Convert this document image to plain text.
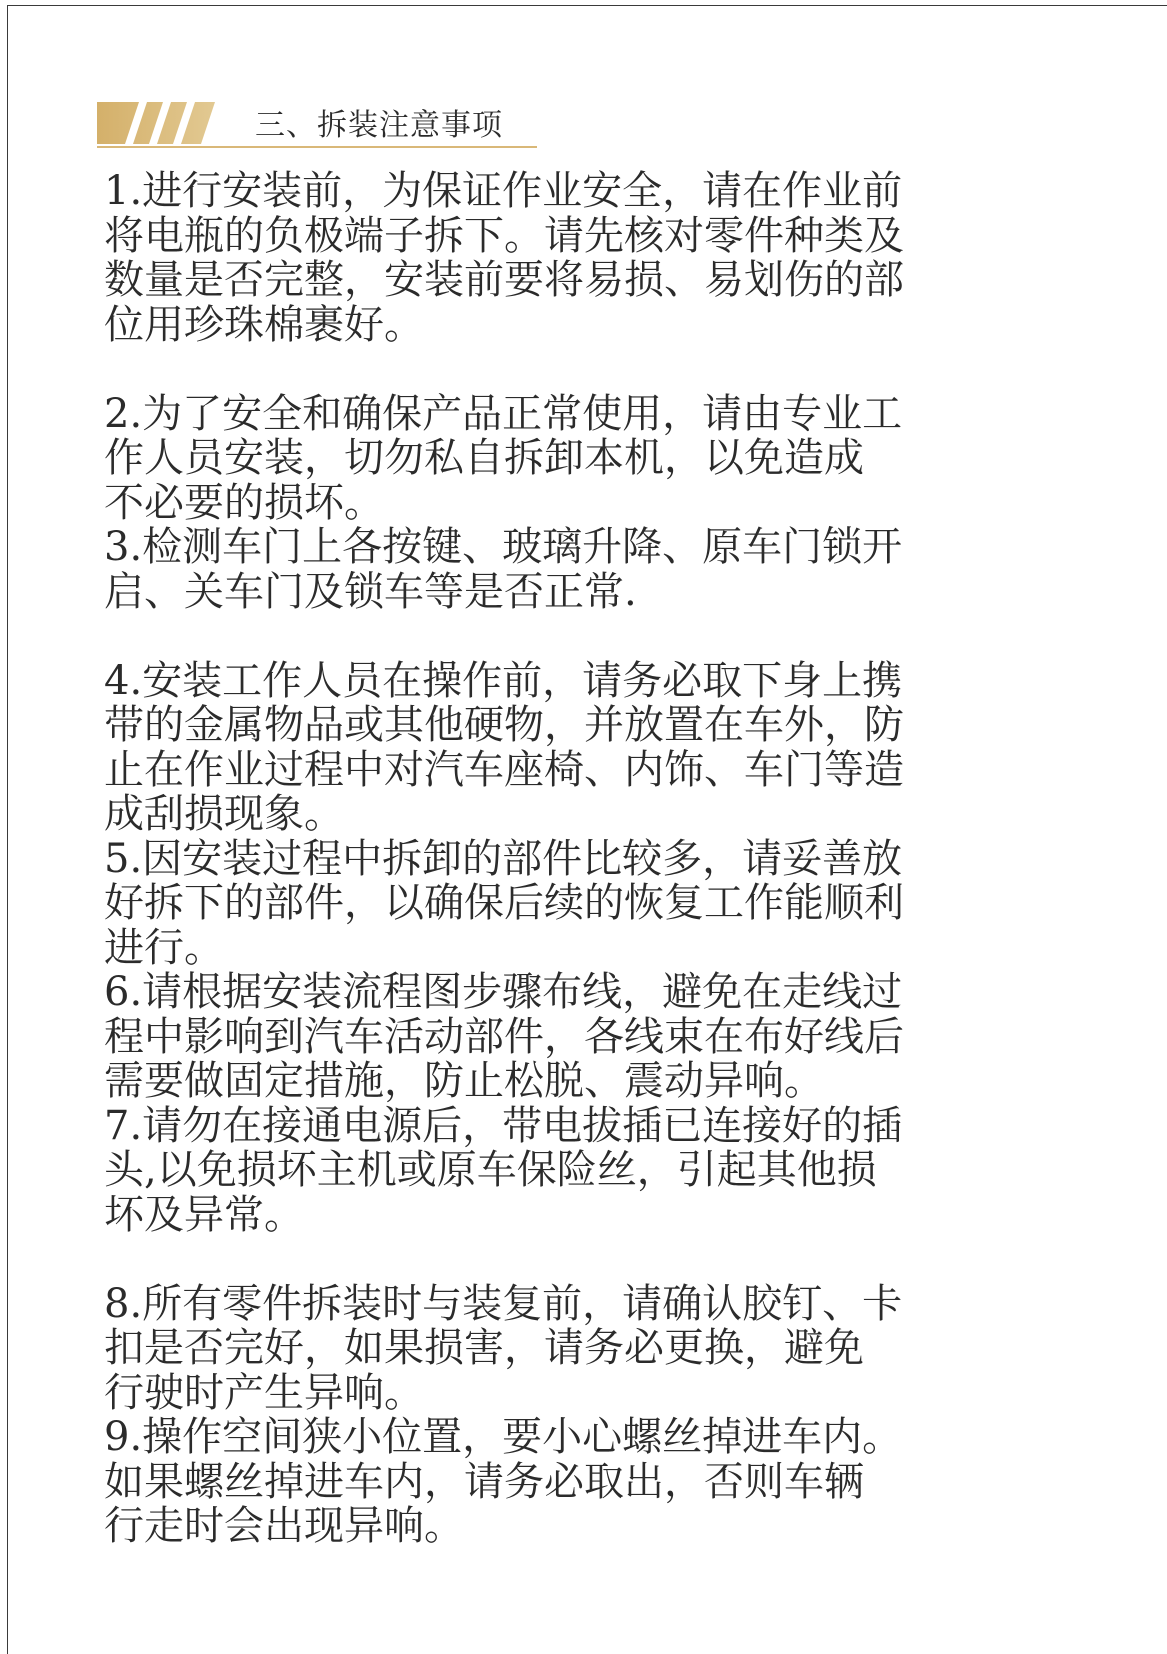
三、拆装注意事项

1.进行安装前，为保证作业安全，请在作业前
将电瓶的负极端子拆下。请先核对零件种类及
数量是否完整，安装前要将易损、易划伤的部
位用珍珠棉裹好。

2.为了安全和确保产品正常使用，请由专业工
作人员安装，切勿私自拆卸本机，以免造成
不必要的损坏。

3.检测车门上各按键、玻璃升降、原车门锁开
启、关车门及锁车等是否正常.

4.安装工作人员在操作前，请务必取下身上携
带的金属物品或其他硬物，并放置在车外，防
止在作业过程中对汽车座椅、内饰、车门等造
成刮损现象。

5.因安装过程中拆卸的部件比较多，请妥善放
好拆下的部件，以确保后续的恢复工作能顺利
进行。

6.请根据安装流程图步骤布线，避免在走线过
程中影响到汽车活动部件，各线束在布好线后
需要做固定措施，防止松脱、震动异响。

7.请勿在接通电源后，带电拔插已连接好的插
头,以免损坏主机或原车保险丝，引起其他损
坏及异常。

8.所有零件拆装时与装复前，请确认胶钉、卡
扣是否完好，如果损害，请务必更换，避免
行驶时产生异响。

9.操作空间狭小位置，要小心螺丝掉进车内。
如果螺丝掉进车内，请务必取出，否则车辆
行走时会出现异响。
